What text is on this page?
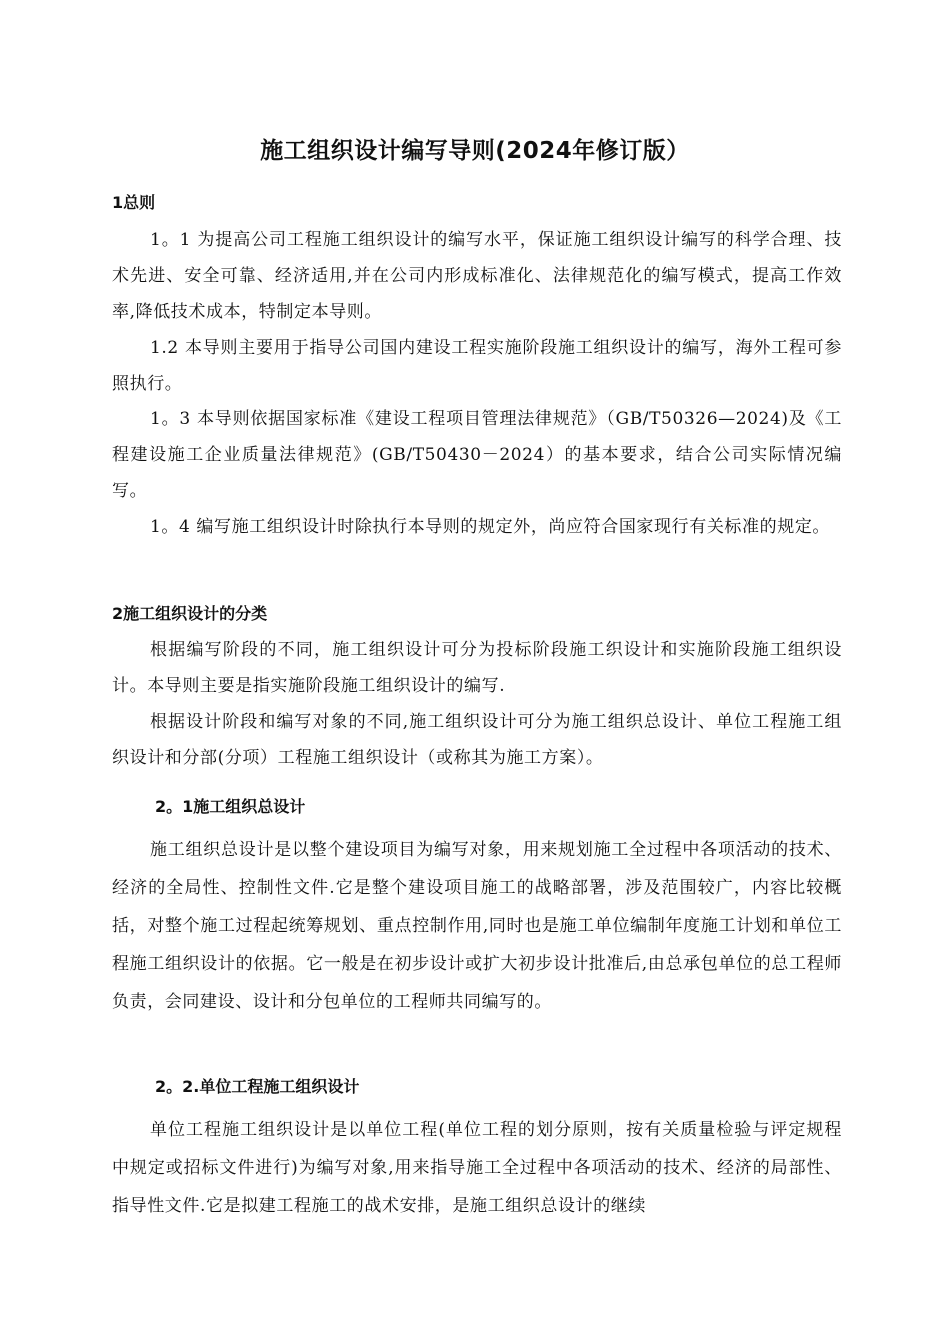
施工组织设计编写导则(2024年修订版）
1总则

1。1 为提高公司工程施工组织设计的编写水平，保证施工组织设计编写的科学合理、技术先进、安全可靠、经济适用,并在公司内形成标准化、法律规范化的编写模式，提高工作效率,降低技术成本，特制定本导则。

1.2 本导则主要用于指导公司国内建设工程实施阶段施工组织设计的编写，海外工程可参照执行。

1。3 本导则依据国家标准《建设工程项目管理法律规范》（GB/T50326—2024)及《工程建设施工企业质量法律规范》(GB/T50430－2024）的基本要求，结合公司实际情况编写。

1。4 编写施工组织设计时除执行本导则的规定外，尚应符合国家现行有关标准的规定。

2施工组织设计的分类

根据编写阶段的不同，施工组织设计可分为投标阶段施工织设计和实施阶段施工组织设计。本导则主要是指实施阶段施工组织设计的编写.

根据设计阶段和编写对象的不同,施工组织设计可分为施工组织总设计、单位工程施工组织设计和分部(分项）工程施工组织设计（或称其为施工方案）。

2。1施工组织总设计

施工组织总设计是以整个建设项目为编写对象，用来规划施工全过程中各项活动的技术、经济的全局性、控制性文件.它是整个建设项目施工的战略部署，涉及范围较广，内容比较概括，对整个施工过程起统筹规划、重点控制作用,同时也是施工单位编制年度施工计划和单位工程施工组织设计的依据。它一般是在初步设计或扩大初步设计批准后,由总承包单位的总工程师负责，会同建设、设计和分包单位的工程师共同编写的。

2。2.单位工程施工组织设计

单位工程施工组织设计是以单位工程(单位工程的划分原则，按有关质量检验与评定规程中规定或招标文件进行)为编写对象,用来指导施工全过程中各项活动的技术、经济的局部性、指导性文件.它是拟建工程施工的战术安排，是施工组织总设计的继续
